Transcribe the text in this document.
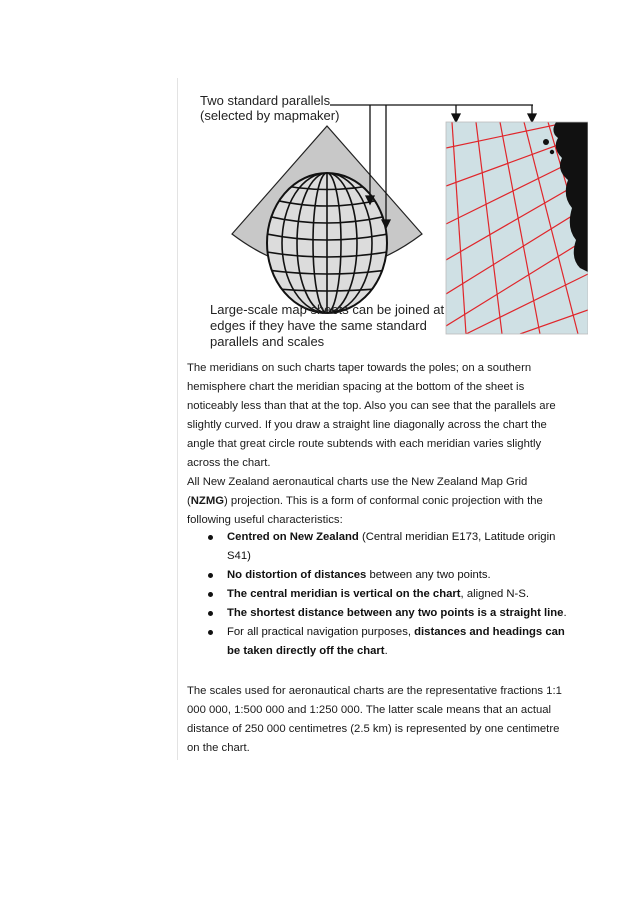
Two standard parallels
(selected by mapmaker)
Large-scale map sheets can be joined at
edges if they have the same standard
parallels and scales

The meridians on such charts taper towards the poles; on a southern hemisphere chart the meridian spacing at the bottom of the sheet is noticeably less than that at the top. Also you can see that the parallels are slightly curved. If you draw a straight line diagonally across the chart the angle that great circle route subtends with each meridian varies slightly across the chart.

All New Zealand aeronautical charts use the New Zealand Map Grid (NZMG) projection. This is a form of conformal conic projection with the following useful characteristics:

Centred on New Zealand (Central meridian E173, Latitude origin S41)
No distortion of distances between any two points.
The central meridian is vertical on the chart, aligned N-S.
The shortest distance between any two points is a straight line.
For all practical navigation purposes, distances and headings can be taken directly off the chart.

The scales used for aeronautical charts are the representative fractions 1:1 000 000, 1:500 000 and 1:250 000. The latter scale means that an actual distance of 250 000 centimetres (2.5 km) is represented by one centimetre on the chart.
